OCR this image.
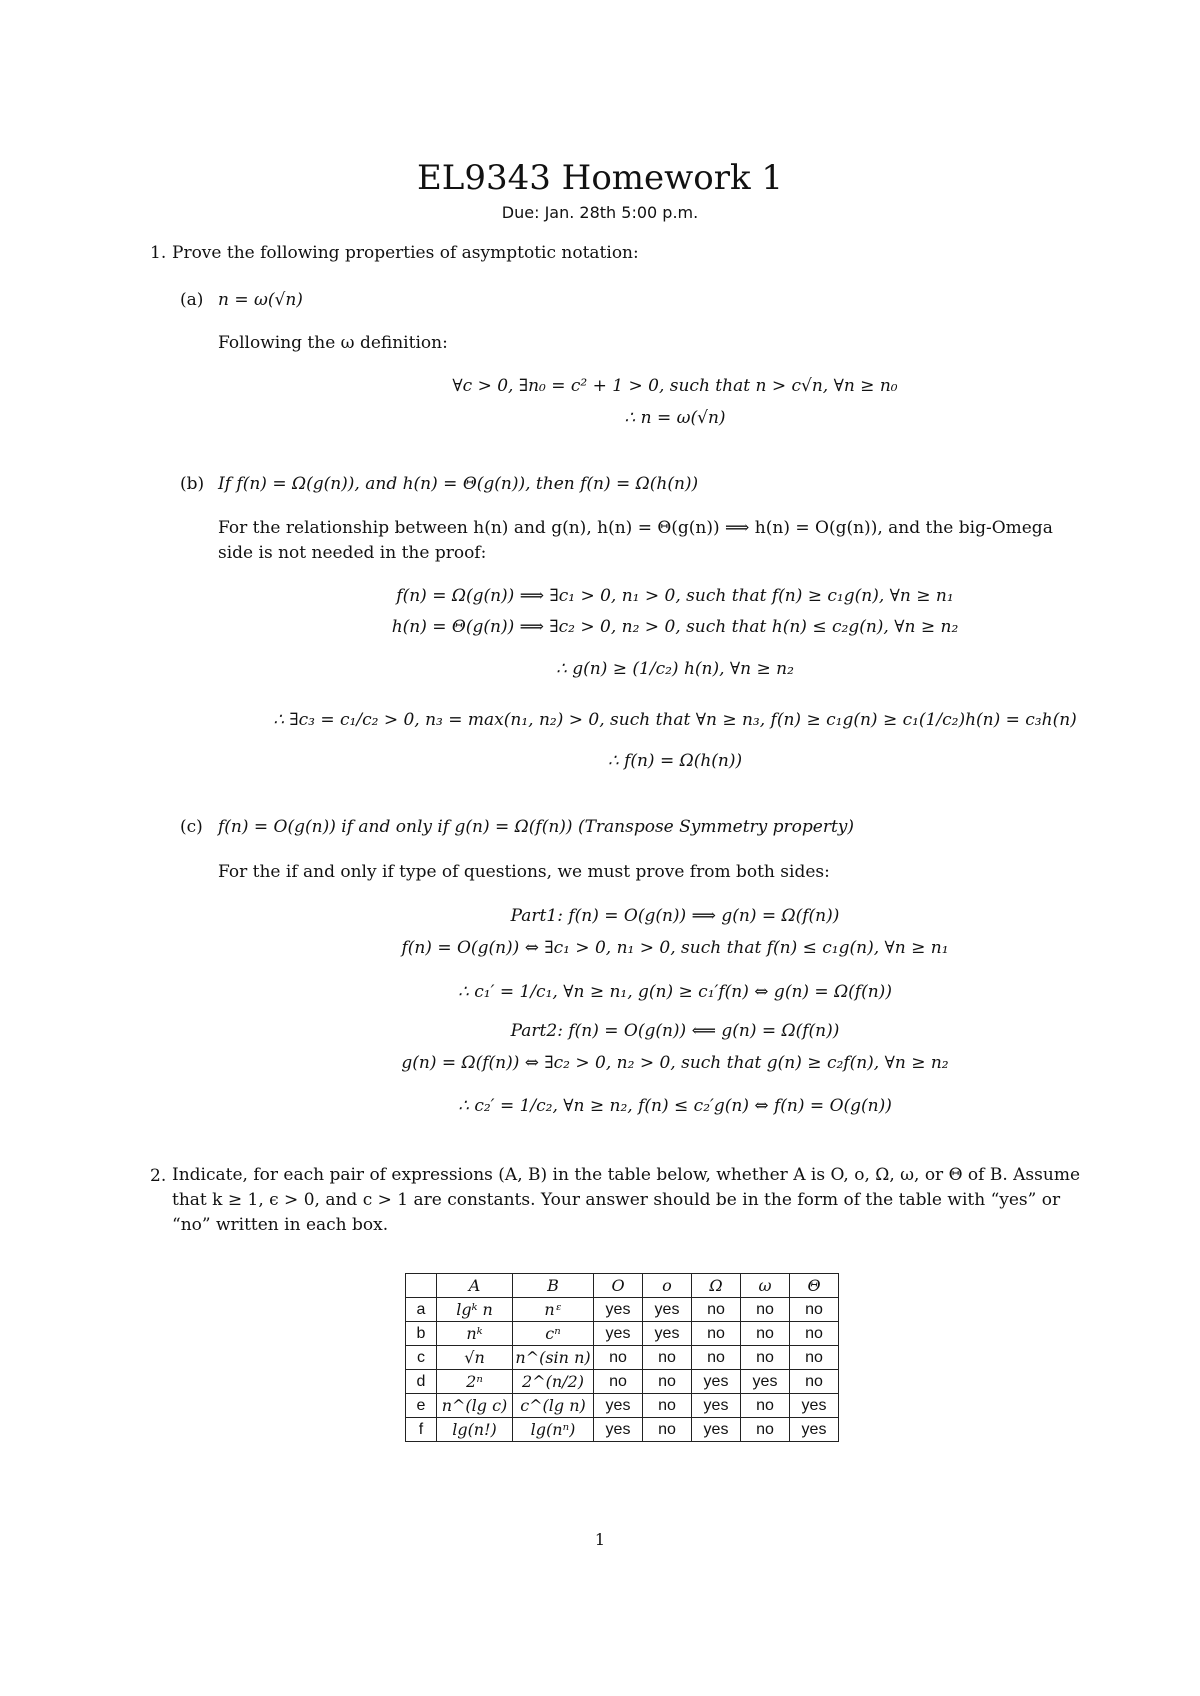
EL9343 Homework 1
Due: Jan. 28th 5:00 p.m.
1. Prove the following properties of asymptotic notation:
(a) n = ω(√n)
Following the ω definition:
∀c > 0, ∃n₀ = c² + 1 > 0, such that n > c√n, ∀n ≥ n₀
∴ n = ω(√n)
(b) If f(n) = Ω(g(n)), and h(n) = Θ(g(n)), then f(n) = Ω(h(n))
For the relationship between h(n) and g(n), h(n) = Θ(g(n)) ⟹ h(n) = O(g(n)), and the big-Omega side is not needed in the proof:
f(n) = Ω(g(n)) ⟹ ∃c₁ > 0, n₁ > 0, such that f(n) ≥ c₁g(n), ∀n ≥ n₁
h(n) = Θ(g(n)) ⟹ ∃c₂ > 0, n₂ > 0, such that h(n) ≤ c₂g(n), ∀n ≥ n₂
∴ g(n) ≥ (1/c₂) h(n), ∀n ≥ n₂
∴ ∃c₃ = c₁/c₂ > 0, n₃ = max(n₁, n₂) > 0, such that ∀n ≥ n₃, f(n) ≥ c₁g(n) ≥ c₁(1/c₂)h(n) = c₃h(n)
∴ f(n) = Ω(h(n))
(c) f(n) = O(g(n)) if and only if g(n) = Ω(f(n)) (Transpose Symmetry property)
For the if and only if type of questions, we must prove from both sides:
Part1: f(n) = O(g(n)) ⟹ g(n) = Ω(f(n))
f(n) = O(g(n)) ⇔ ∃c₁ > 0, n₁ > 0, such that f(n) ≤ c₁g(n), ∀n ≥ n₁
∴ c₁′ = 1/c₁, ∀n ≥ n₁, g(n) ≥ c₁′f(n) ⇔ g(n) = Ω(f(n))
Part2: f(n) = O(g(n)) ⟸ g(n) = Ω(f(n))
g(n) = Ω(f(n)) ⇔ ∃c₂ > 0, n₂ > 0, such that g(n) ≥ c₂f(n), ∀n ≥ n₂
∴ c₂′ = 1/c₂, ∀n ≥ n₂, f(n) ≤ c₂′g(n) ⇔ f(n) = O(g(n))
2. Indicate, for each pair of expressions (A, B) in the table below, whether A is O, o, Ω, ω, or Θ of B. Assume that k ≥ 1, ϵ > 0, and c > 1 are constants. Your answer should be in the form of the table with “yes” or “no” written in each box.
	A	B	O	o	Ω	ω	Θ
a	lgᵏ n	nᵋ	yes	yes	no	no	no
b	nᵏ	cⁿ	yes	yes	no	no	no
c	√n	n^(sin n)	no	no	no	no	no
d	2ⁿ	2^(n/2)	no	no	yes	yes	no
e	n^(lg c)	c^(lg n)	yes	no	yes	no	yes
f	lg(n!)	lg(nⁿ)	yes	no	yes	no	yes
1
